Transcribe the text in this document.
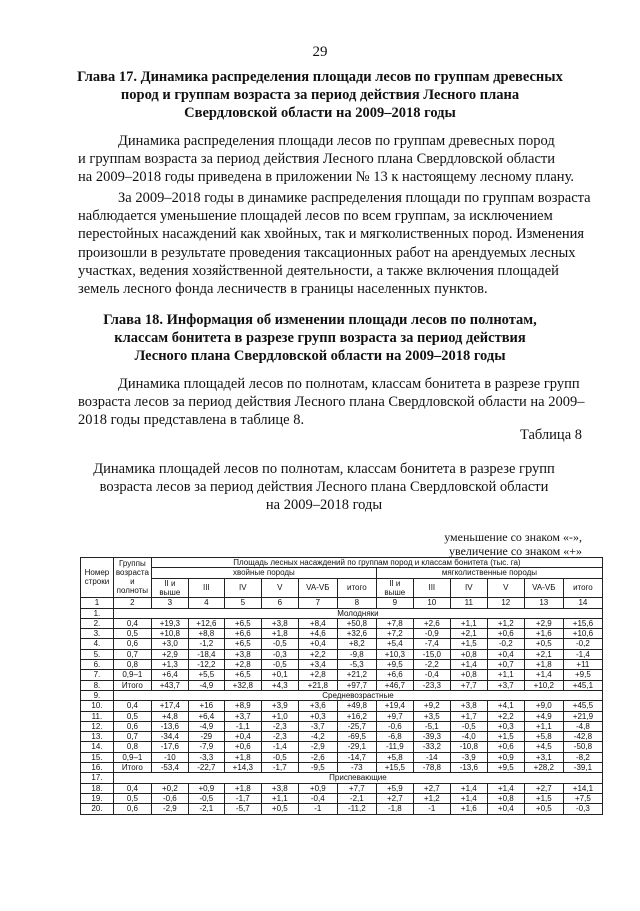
29
Глава 17. Динамика распределения площади лесов по группам древесных
пород и группам возраста за период действия Лесного плана
Свердловской области на 2009–2018 годы
Динамика распределения площади лесов по группам древесных пород
и группам возраста за период действия Лесного плана Свердловской области
на 2009–2018 годы приведена в приложении № 13 к настоящему лесному плану.
За 2009–2018 годы в динамике распределения площади по группам возраста
наблюдается уменьшение площадей лесов по всем группам, за исключением
перестойных насаждений как хвойных, так и мягколиственных пород. Изменения
произошли в результате проведения таксационных работ на арендуемых лесных
участках, ведения хозяйственной деятельности, а также включения площадей
земель лесного фонда лесничеств в границы населенных пунктов.
Глава 18. Информация об изменении площади лесов по полнотам,
классам бонитета в разрезе групп возраста за период действия
Лесного плана Свердловской области на 2009–2018 годы
Динамика площадей лесов по полнотам, классам бонитета в разрезе групп
возраста лесов за период действия Лесного плана Свердловской области на 2009–
2018 годы представлена в таблице 8.
Таблица 8
Динамика площадей лесов по полнотам, классам бонитета в разрезе групп
возраста лесов за период действия Лесного плана Свердловской области
на 2009–2018 годы
уменьшение со знаком «-»,
увеличение со знаком «+»
Номер строки	Группы возраста и полноты	Площадь лесных насаждений по группам пород и классам бонитета (тыс. га)											
		хвойные породы						мягколиственные породы					
		II и выше	III	IV	V	VA-VБ	итого	II и выше	III	IV	V	VA-VБ	итого
1	2	3	4	5	6	7	8	9	10	11	12	13	14
1.	Молодняки												
2.	0,4	+19,3	+12,6	+6,5	+3,8	+8,4	+50,8	+7,8	+2,6	+1,1	+1,2	+2,9	+15,6
3.	0,5	+10,8	+8,8	+6,6	+1,8	+4,6	+32,6	+7,2	-0,9	+2,1	+0,6	+1,6	+10,6
4.	0,6	+3,0	-1,2	+6,5	-0,5	+0,4	+8,2	+5,4	-7,4	+1,5	-0,2	+0,5	-0,2
5.	0,7	+2,9	-18,4	+3,8	-0,3	+2,2	-9,8	+10,3	-15,0	+0,8	+0,4	+2,1	-1,4
6.	0,8	+1,3	-12,2	+2,8	-0,5	+3,4	-5,3	+9,5	-2,2	+1,4	+0,7	+1,8	+11
7.	0,9–1	+6,4	+5,5	+6,5	+0,1	+2,8	+21,2	+6,6	-0,4	+0,8	+1,1	+1,4	+9,5
8.	Итого	+43,7	-4,9	+32,8	+4,3	+21,8	+97,7	+46,7	-23,3	+7,7	+3,7	+10,2	+45,1
9.	Средневозрастные												
10.	0,4	+17,4	+16	+8,9	+3,9	+3,6	+49,8	+19,4	+9,2	+3,8	+4,1	+9,0	+45,5
11.	0,5	+4,8	+6,4	+3,7	+1,0	+0,3	+16,2	+9,7	+3,5	+1,7	+2,2	+4,9	+21,9
12.	0,6	-13,6	-4,9	-1,1	-2,3	-3,7	-25,7	-0,6	-5,1	-0,5	+0,3	+1,1	-4,8
13.	0,7	-34,4	-29	+0,4	-2,3	-4,2	-69,5	-6,8	-39,3	-4,0	+1,5	+5,8	-42,8
14.	0,8	-17,6	-7,9	+0,6	-1,4	-2,9	-29,1	-11,9	-33,2	-10,8	+0,6	+4,5	-50,8
15.	0,9–1	-10	-3,3	+1,8	-0,5	-2,6	-14,7	+5,8	-14	-3,9	+0,9	+3,1	-8,2
16.	Итого	-53,4	-22,7	+14,3	-1,7	-9,5	-73	+15,5	-78,8	-13,6	+9,5	+28,2	-39,1
17.	Приспевающие												
18.	0,4	+0,2	+0,9	+1,8	+3,8	+0,9	+7,7	+5,9	+2,7	+1,4	+1,4	+2,7	+14,1
19.	0,5	-0,6	-0,5	-1,7	+1,1	-0,4	-2,1	+2,7	+1,2	+1,4	+0,8	+1,5	+7,5
20.	0,6	-2,9	-2,1	-5,7	+0,5	-1	-11,2	-1,8	-1	+1,6	+0,4	+0,5	-0,3
